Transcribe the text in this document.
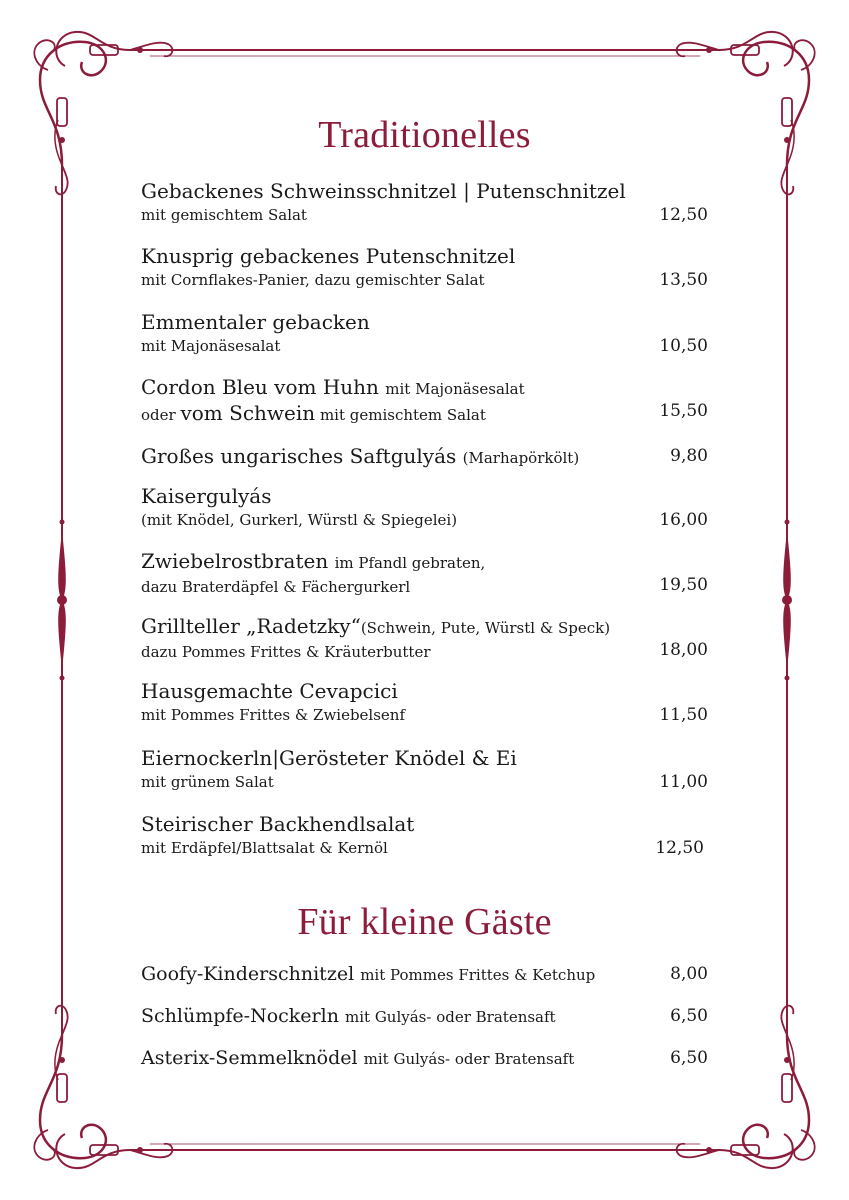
Traditionelles
Gebackenes Schweinsschnitzel | Putenschnitzel
mit gemischtem Salat	12,50
Knusprig gebackenes Putenschnitzel
mit Cornflakes-Panier, dazu gemischter Salat	13,50
Emmentaler gebacken
mit Majonäsesalat	10,50
Cordon Bleu vom Huhn mit Majonäsesalat
oder vom Schwein mit gemischtem Salat	15,50
Großes ungarisches Saftgulyás (Marhapörkölt)	9,80
Kaisergulyás
(mit Knödel, Gurkerl, Würstl & Spiegelei)	16,00
Zwiebelrostbraten im Pfandl gebraten,
dazu Braterdäpfel & Fächergurkerl	19,50
Grillteller „Radetzky“(Schwein, Pute, Würstl & Speck)
dazu Pommes Frittes & Kräuterbutter	18,00
Hausgemachte Cevapcici
mit Pommes Frittes & Zwiebelsenf	11,50
Eiernockerln|Gerösteter Knödel & Ei
mit grünem Salat	11,00
Steirischer Backhendlsalat
mit Erdäpfel/Blattsalat & Kernöl	12,50
Für kleine Gäste
Goofy-Kinderschnitzel mit Pommes Frittes & Ketchup	8,00
Schlümpfe-Nockerln mit Gulyás- oder Bratensaft	6,50
Asterix-Semmelknödel mit Gulyás- oder Bratensaft	6,50
